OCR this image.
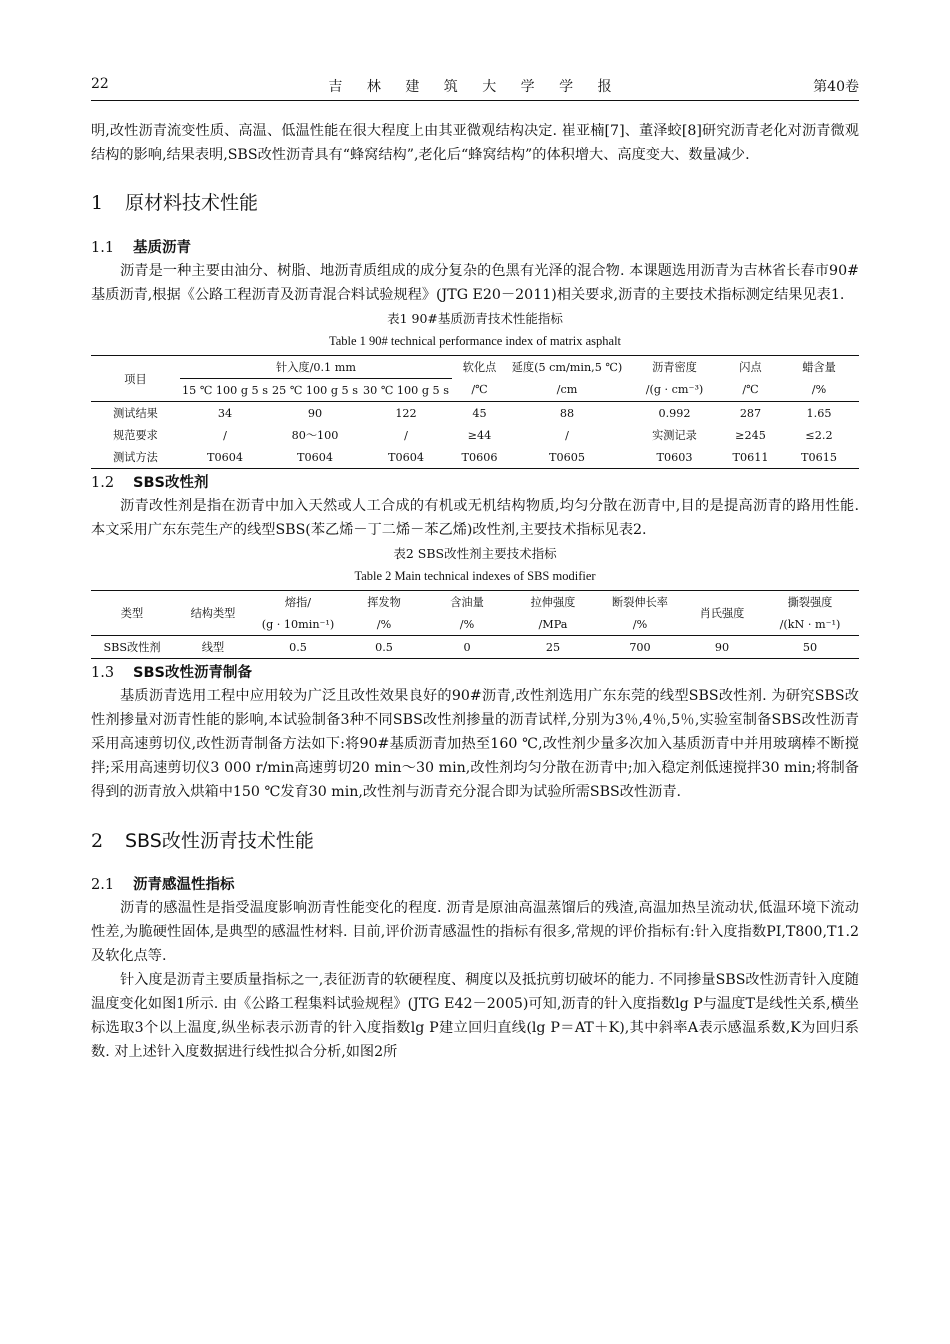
22	吉 林 建 筑 大 学 学 报	第40卷

明,改性沥青流变性质、高温、低温性能在很大程度上由其亚微观结构决定. 崔亚楠[7]、董泽蛟[8]研究沥青老化对沥青微观结构的影响,结果表明,SBS改性沥青具有“蜂窝结构”,老化后“蜂窝结构”的体积增大、高度变大、数量减少.

1 原材料技术性能
1.1 基质沥青

沥青是一种主要由油分、树脂、地沥青质组成的成分复杂的色黑有光泽的混合物. 本课题选用沥青为吉林省长春市90#基质沥青,根据《公路工程沥青及沥青混合料试验规程》(JTG E20－2011)相关要求,沥青的主要技术指标测定结果见表1.

表1 90#基质沥青技术性能指标
Table 1 90# technical performance index of matrix asphalt
项目	针入度/0.1 mm			软化点	延度(5 cm/min,5 ℃)	沥青密度	闪点	蜡含量
	15 ℃ 100 g 5 s	25 ℃ 100 g 5 s	30 ℃ 100 g 5 s	/℃	/cm	/(g · cm⁻³)	/℃	/%
测试结果	34	90	122	45	88	0.992	287	1.65
规范要求	/	80～100	/	≥44	/	实测记录	≥245	≤2.2
测试方法	T0604	T0604	T0604	T0606	T0605	T0603	T0611	T0615
1.2 SBS改性剂

沥青改性剂是指在沥青中加入天然或人工合成的有机或无机结构物质,均匀分散在沥青中,目的是提高沥青的路用性能. 本文采用广东东莞生产的线型SBS(苯乙烯－丁二烯－苯乙烯)改性剂,主要技术指标见表2.

表2 SBS改性剂主要技术指标
Table 2 Main technical indexes of SBS modifier
类型	结构类型	熔指/	挥发物	含油量	拉伸强度	断裂伸长率	肖氏强度	撕裂强度
		(g · 10min⁻¹)	/%	/%	/MPa	/%		/(kN · m⁻¹)
SBS改性剂	线型	0.5	0.5	0	25	700	90	50
1.3 SBS改性沥青制备

基质沥青选用工程中应用较为广泛且改性效果良好的90#沥青,改性剂选用广东东莞的线型SBS改性剂. 为研究SBS改性剂掺量对沥青性能的影响,本试验制备3种不同SBS改性剂掺量的沥青试样,分别为3％,4％,5％,实验室制备SBS改性沥青采用高速剪切仪,改性沥青制备方法如下:将90#基质沥青加热至160 ℃,改性剂少量多次加入基质沥青中并用玻璃棒不断搅拌;采用高速剪切仪3 000 r/min高速剪切20 min～30 min,改性剂均匀分散在沥青中;加入稳定剂低速搅拌30 min;将制备得到的沥青放入烘箱中150 ℃发育30 min,改性剂与沥青充分混合即为试验所需SBS改性沥青.

2 SBS改性沥青技术性能
2.1 沥青感温性指标

沥青的感温性是指受温度影响沥青性能变化的程度. 沥青是原油高温蒸馏后的残渣,高温加热呈流动状,低温环境下流动性差,为脆硬性固体,是典型的感温性材料. 目前,评价沥青感温性的指标有很多,常规的评价指标有:针入度指数PI,T800,T1.2及软化点等.

针入度是沥青主要质量指标之一,表征沥青的软硬程度、稠度以及抵抗剪切破坏的能力. 不同掺量SBS改性沥青针入度随温度变化如图1所示. 由《公路工程集料试验规程》(JTG E42－2005)可知,沥青的针入度指数lg P与温度T是线性关系,横坐标选取3个以上温度,纵坐标表示沥青的针入度指数lg P建立回归直线(lg P＝AT＋K),其中斜率A表示感温系数,K为回归系数. 对上述针入度数据进行线性拟合分析,如图2所
